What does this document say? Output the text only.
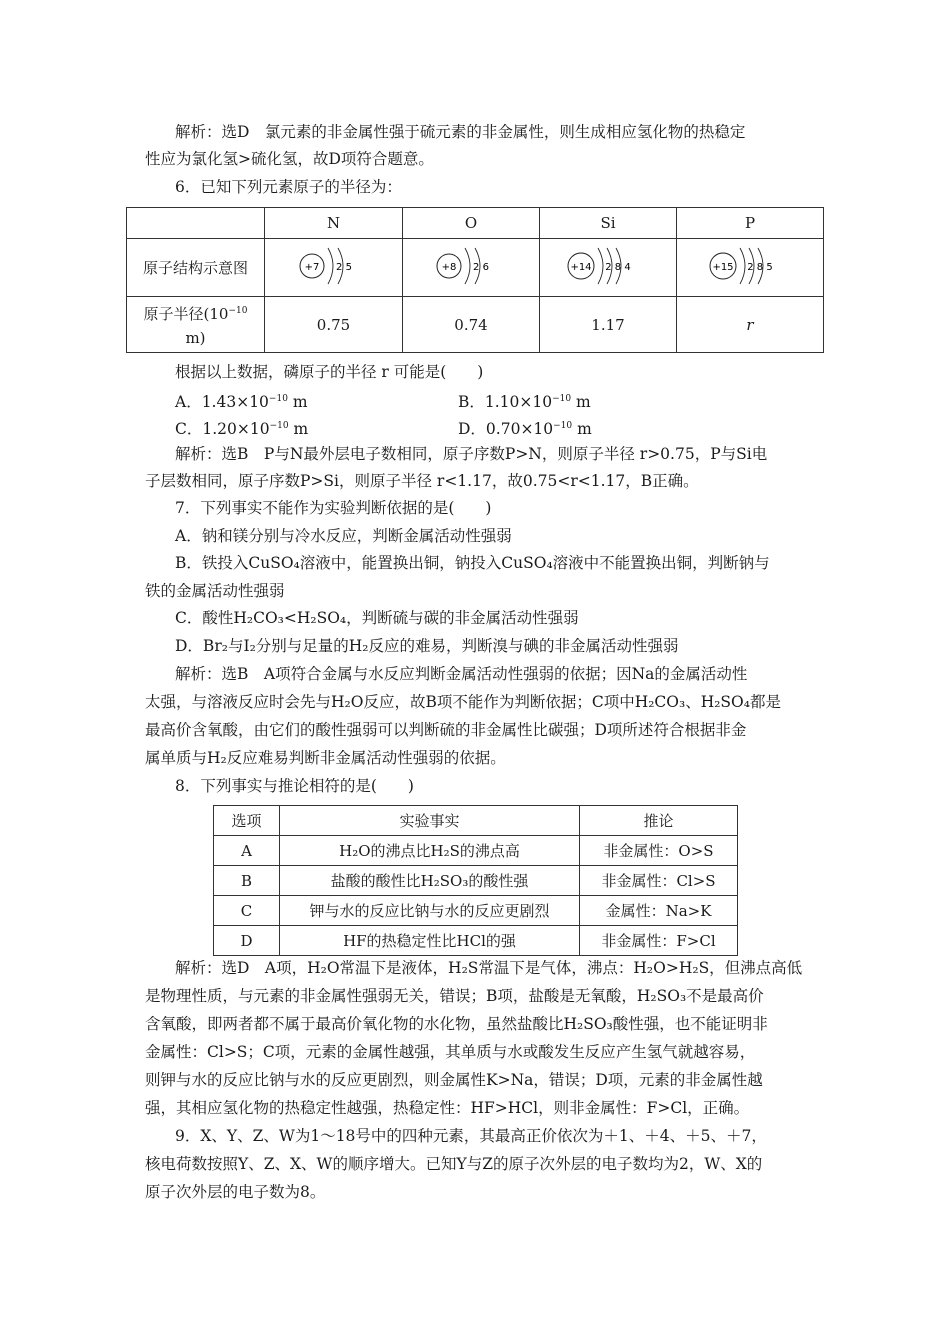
解析：选D　氯元素的非金属性强于硫元素的非金属性，则生成相应氢化物的热稳定
性应为氯化氢>硫化氢，故D项符合题意。
6．已知下列元素原子的半径为：
	N	O	Si	P
原子结构示意图	+7 2 5	+8 2 6	+14 2 8 4	+15 2 8 5

原子半径($10^{-10}$
m)	0.75	0.74	1.17	r
根据以上数据，磷原子的半径 r 可能是(　　)
A．$1.43\times 10^{-10}$ m	B．$1.10\times 10^{-10}$ m
C．$1.20\times 10^{-10}$ m	D．$0.70\times 10^{-10}$ m
解析：选B　P与N最外层电子数相同，原子序数P>N，则原子半径 r>0.75，P与Si电
子层数相同，原子序数P>Si，则原子半径 r<1.17，故0.75<r<1.17，B正确。
7．下列事实不能作为实验判断依据的是(　　)
A．钠和镁分别与冷水反应，判断金属活动性强弱
B．铁投入CuSO₄溶液中，能置换出铜，钠投入CuSO₄溶液中不能置换出铜，判断钠与
铁的金属活动性强弱
C．酸性H₂CO₃<H₂SO₄，判断硫与碳的非金属活动性强弱
D．Br₂与I₂分别与足量的H₂反应的难易，判断溴与碘的非金属活动性强弱
解析：选B　A项符合金属与水反应判断金属活动性强弱的依据；因Na的金属活动性
太强，与溶液反应时会先与H₂O反应，故B项不能作为判断依据；C项中H₂CO₃、H₂SO₄都是
最高价含氧酸，由它们的酸性强弱可以判断硫的非金属性比碳强；D项所述符合根据非金
属单质与H₂反应难易判断非金属活动性强弱的依据。
8．下列事实与推论相符的是(　　)
选项	实验事实	推论
A	H₂O的沸点比H₂S的沸点高	非金属性：O>S
B	盐酸的酸性比H₂SO₃的酸性强	非金属性：Cl>S
C	钾与水的反应比钠与水的反应更剧烈	金属性：Na>K
D	HF的热稳定性比HCl的强	非金属性：F>Cl
解析：选D　A项，H₂O常温下是液体，H₂S常温下是气体，沸点：H₂O>H₂S，但沸点高低
是物理性质，与元素的非金属性强弱无关，错误；B项，盐酸是无氧酸，H₂SO₃不是最高价
含氧酸，即两者都不属于最高价氧化物的水化物，虽然盐酸比H₂SO₃酸性强，也不能证明非
金属性：Cl>S；C项，元素的金属性越强，其单质与水或酸发生反应产生氢气就越容易，
则钾与水的反应比钠与水的反应更剧烈，则金属性K>Na，错误；D项，元素的非金属性越
强，其相应氢化物的热稳定性越强，热稳定性：HF>HCl，则非金属性：F>Cl，正确。
9．X、Y、Z、W为1～18号中的四种元素，其最高正价依次为＋1、＋4、＋5、＋7，
核电荷数按照Y、Z、X、W的顺序增大。已知Y与Z的原子次外层的电子数均为2，W、X的
原子次外层的电子数为8。
